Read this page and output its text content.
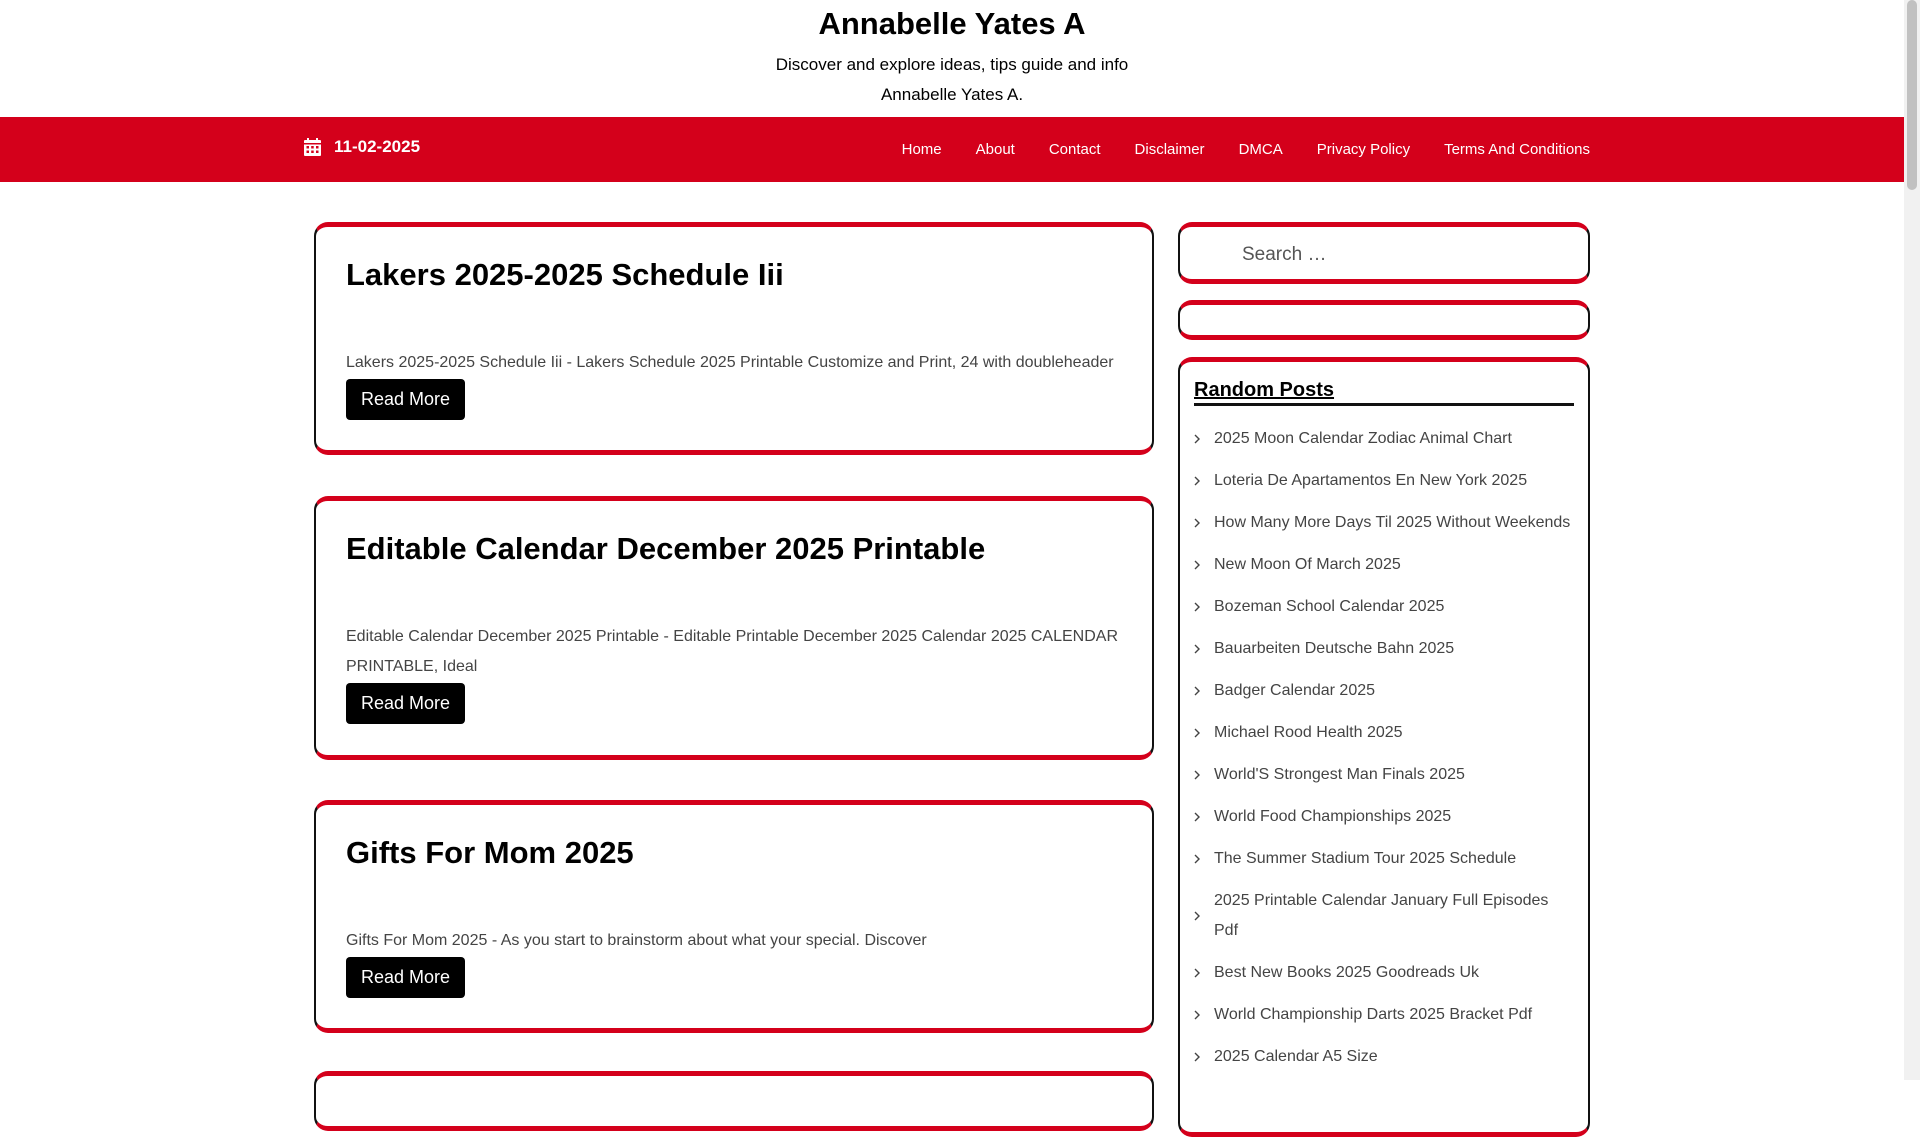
Annabelle Yates A

Discover and explore ideas, tips guide and info Annabelle Yates A.

11-02-2025	Home About Contact Disclaimer DMCA Privacy Policy Terms And Conditions
Lakers 2025-2025 Schedule Iii

Lakers 2025-2025 Schedule Iii - Lakers Schedule 2025 Printable Customize and Print, 24 with doubleheader

Read More
Editable Calendar December 2025 Printable

Editable Calendar December 2025 Printable - Editable Printable December 2025 Calendar 2025 CALENDAR PRINTABLE, Ideal

Read More
Gifts For Mom 2025

Gifts For Mom 2025 - As you start to brainstorm about what your special. Discover

Read More
Search …
Random Posts
2025 Moon Calendar Zodiac Animal Chart
Loteria De Apartamentos En New York 2025
How Many More Days Til 2025 Without Weekends
New Moon Of March 2025
Bozeman School Calendar 2025
Bauarbeiten Deutsche Bahn 2025
Badger Calendar 2025
Michael Rood Health 2025
World'S Strongest Man Finals 2025
World Food Championships 2025
The Summer Stadium Tour 2025 Schedule
2025 Printable Calendar January Full Episodes Pdf
Best New Books 2025 Goodreads Uk
World Championship Darts 2025 Bracket Pdf
2025 Calendar A5 Size
